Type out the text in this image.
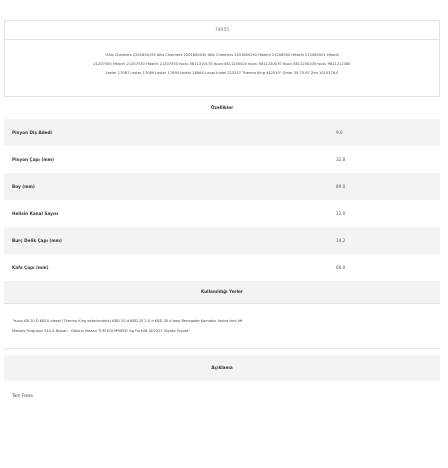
74955
"Allis Chalmers 2201850192 Allis Chalmers 2201850030 Allis Chalmers 2201850192 Hitachi 21208500 Hitachi 212085001 Hitachi
21207500 Hitachi 21207530 Hitachi 21207550 Isuzu 5811310170 Isuzu 5811200020 Isuzu 5811230070 Isuzu 5811230100 Isuzu 9821212380
Lester 17087 Lester 17089 Lester 17090 Lester 18064 Lucas Indiel 223237 Thermo King 442510" Omar 39.70.97 Zen 1010376.0
Özellikler
Pinyon Diş Adedi	9.0
Pinyon Çapı (mm)	32.8
Boy (mm)	89.0
Helisin Kanal Sayısı	12.0
Burç Delik Çapı (mm)	14.2
Kafa Çapı (mm)	60.0
Kullanıldığı Yerler
"Isuzu KB 20 D KB10 diesel (Thermo King extacionária) KBD 20 d KBD 25 2.0 d KBD 30 d Jeep Renegade Komatsu Varios fork lift
Massey Ferguson 210-4 Nissan - Datsun Nissan TCM EQUIPMENT Ag Forklift SD2521 Toyota Toyota"
Açıklama
Tam Freze
